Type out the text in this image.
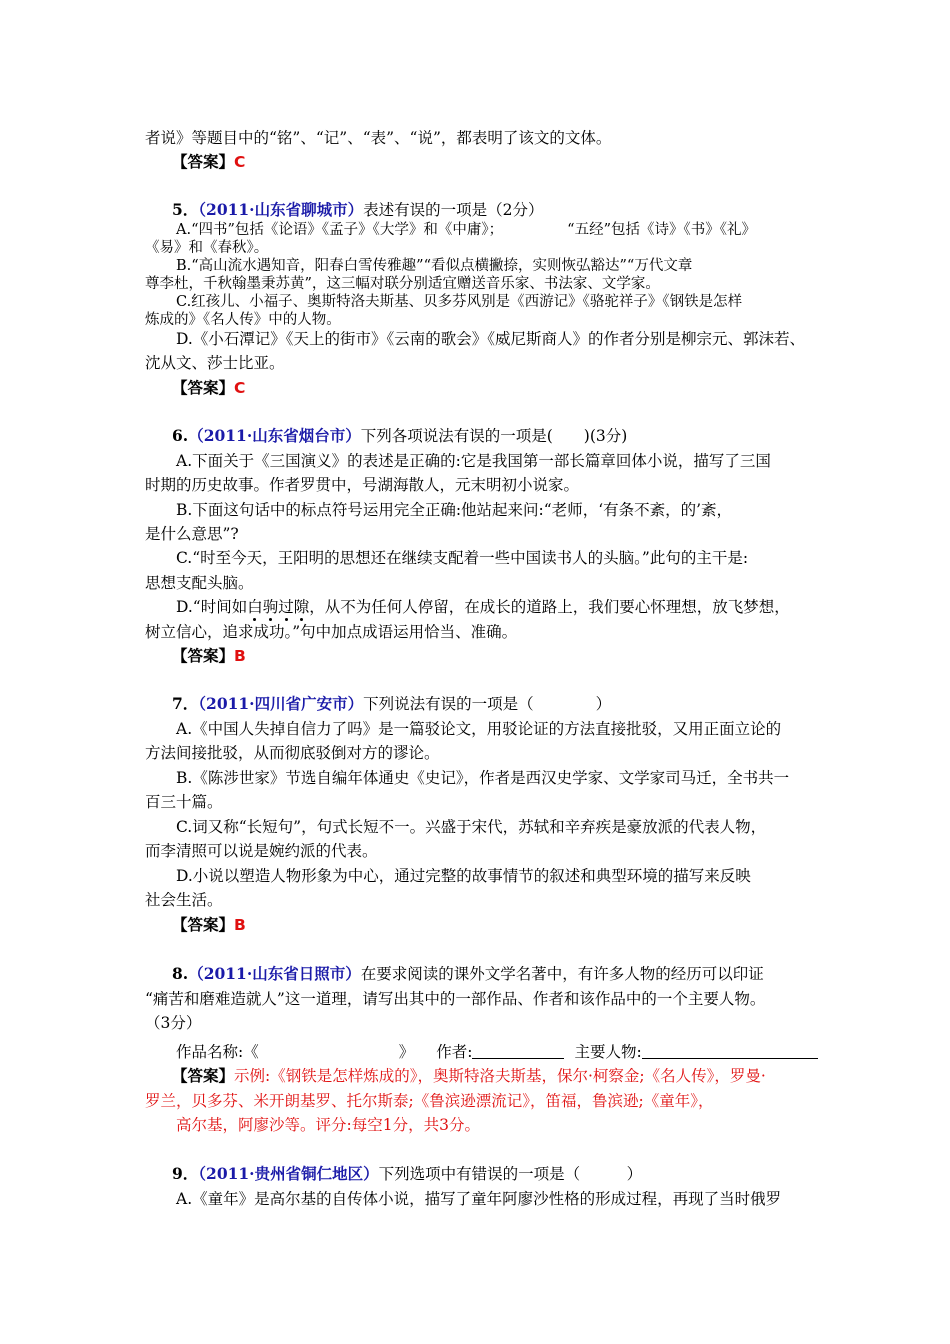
者说》等题目中的“铭”、“记”、“表”、“说”，都表明了该文的文体。
【答案】C
5．（2011·山东省聊城市）表述有误的一项是（2分）
A.“四书”包括《论语》《孟子》《大学》和《中庸》；	“五经”包括《诗》《书》《礼》
《易》和《春秋》。
B.“高山流水遇知音，阳春白雪传雅趣”“看似点横撇捺，实则恢弘豁达”“万代文章
尊李杜，千秋翰墨秉苏黄”，这三幅对联分别适宜赠送音乐家、书法家、文学家。
C.红孩儿、小福子、奥斯特洛夫斯基、贝多芬风别是《西游记》《骆驼祥子》《钢铁是怎样
炼成的》《名人传》中的人物。
D.《小石潭记》《天上的街市》《云南的歌会》《威尼斯商人》的作者分别是柳宗元、郭沫若、
沈从文、莎士比亚。
【答案】C
6.（2011·山东省烟台市）下列各项说法有误的一项是(　　)(3分)
A.下面关于《三国演义》的表述是正确的:它是我国第一部长篇章回体小说，描写了三国
时期的历史故事。作者罗贯中，号湖海散人，元末明初小说家。
B.下面这句话中的标点符号运用完全正确:他站起来问:“老师，‘有条不紊，的’紊，
是什么意思”?
C.“时至今天，王阳明的思想还在继续支配着一些中国读书人的头脑。”此句的主干是:
思想支配头脑。
D.“时间如白驹过隙，从不为任何人停留，在成长的道路上，我们要心怀理想，放飞梦想，
树立信心，追求成功。”句中加点成语运用恰当、准确。
【答案】B
7．（2011·四川省广安市）下列说法有误的一项是（　　　　）
A.《中国人失掉自信力了吗》是一篇驳论文，用驳论证的方法直接批驳，又用正面立论的
方法间接批驳，从而彻底驳倒对方的谬论。
B.《陈涉世家》节选自编年体通史《史记》，作者是西汉史学家、文学家司马迁，全书共一
百三十篇。
C.词又称“长短句”，句式长短不一。兴盛于宋代，苏轼和辛弃疾是豪放派的代表人物，
而李清照可以说是婉约派的代表。
D.小说以塑造人物形象为中心，通过完整的故事情节的叙述和典型环境的描写来反映
社会生活。
【答案】B
8.（2011·山东省日照市）在要求阅读的课外文学名著中，有许多人物的经历可以印证
“痛苦和磨难造就人”这一道理，请写出其中的一部作品、作者和该作品中的一个主要人物。
（3分）
作品名称:《	》 作者:	主要人物:
【答案】示例:《钢铁是怎样炼成的》，奥斯特洛夫斯基，保尔·柯察金;《名人传》，罗曼·
罗兰，贝多芬、米开朗基罗、托尔斯泰;《鲁滨逊漂流记》，笛福，鲁滨逊;《童年》，
高尔基，阿廖沙等。评分:每空1分，共3分。
9．（2011·贵州省铜仁地区）下列选项中有错误的一项是（　　　）
A.《童年》是高尔基的自传体小说，描写了童年阿廖沙性格的形成过程，再现了当时俄罗
